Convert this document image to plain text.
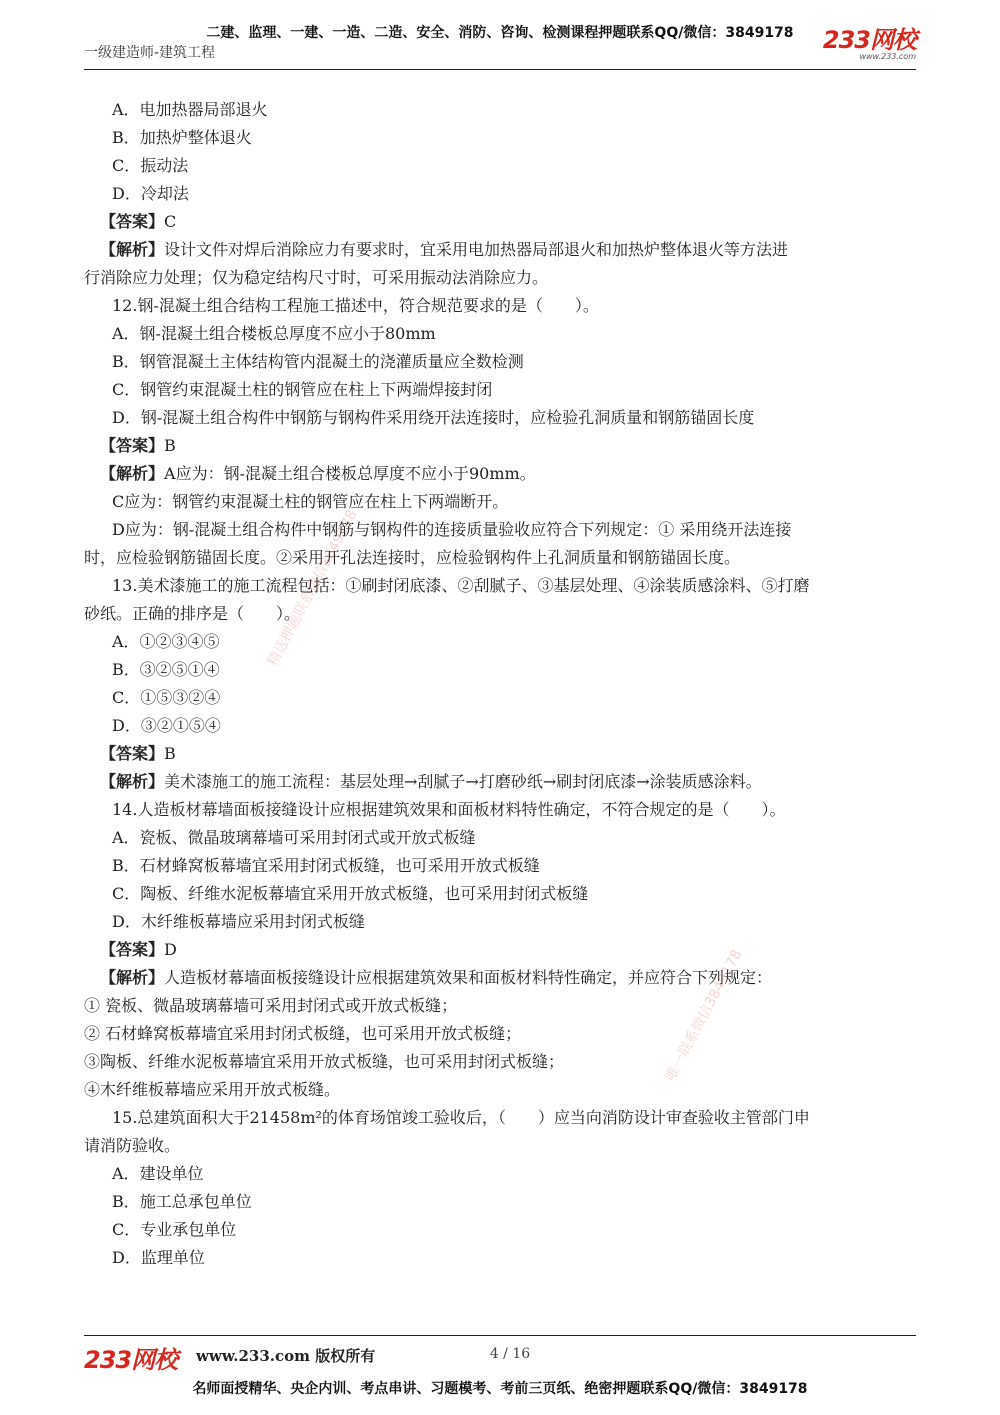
二建、监理、一建、一造、二造、安全、消防、咨询、检测课程押题联系QQ/微信：3849178
一级建造师-建筑工程	233网校
www.233.com
A．电加热器局部退火
B．加热炉整体退火
C．振动法
D．冷却法
【答案】C
【解析】设计文件对焊后消除应力有要求时，宜采用电加热器局部退火和加热炉整体退火等方法进
行消除应力处理；仅为稳定结构尺寸时，可采用振动法消除应力。
12.钢-混凝土组合结构工程施工描述中，符合规范要求的是（　　）。
A．钢-混凝土组合楼板总厚度不应小于80mm
B．钢管混凝土主体结构管内混凝土的浇灌质量应全数检测
C．钢管约束混凝土柱的钢管应在柱上下两端焊接封闭
D．钢-混凝土组合构件中钢筋与钢构件采用绕开法连接时，应检验孔洞质量和钢筋锚固长度
【答案】B
【解析】A应为：钢-混凝土组合楼板总厚度不应小于90mm。
C应为：钢管约束混凝土柱的钢管应在柱上下两端断开。
D应为：钢-混凝土组合构件中钢筋与钢构件的连接质量验收应符合下列规定：① 采用绕开法连接
时，应检验钢筋锚固长度。②采用开孔法连接时，应检验钢构件上孔洞质量和钢筋锚固长度。
13.美术漆施工的施工流程包括：①刷封闭底漆、②刮腻子、③基层处理、④涂装质感涂料、⑤打磨
砂纸。正确的排序是（　　）。
A．①②③④⑤
B．③②⑤①④
C．①⑤③②④
D．③②①⑤④
【答案】B
【解析】美术漆施工的施工流程：基层处理→刮腻子→打磨砂纸→刷封闭底漆→涂装质感涂料。
14.人造板材幕墙面板接缝设计应根据建筑效果和面板材料特性确定，不符合规定的是（　　）。
A．瓷板、微晶玻璃幕墙可采用封闭式或开放式板缝
B．石材蜂窝板幕墙宜采用封闭式板缝，也可采用开放式板缝
C．陶板、纤维水泥板幕墙宜采用开放式板缝，也可采用封闭式板缝
D．木纤维板幕墙应采用封闭式板缝
【答案】D
【解析】人造板材幕墙面板接缝设计应根据建筑效果和面板材料特性确定，并应符合下列规定：
① 瓷板、微晶玻璃幕墙可采用封闭式或开放式板缝；
② 石材蜂窝板幕墙宜采用封闭式板缝，也可采用开放式板缝；
③陶板、纤维水泥板幕墙宜采用开放式板缝，也可采用封闭式板缝；
④木纤维板幕墙应采用开放式板缝。
15.总建筑面积大于21458m²的体育场馆竣工验收后，（　　）应当向消防设计审查验收主管部门申
请消防验收。
A．建设单位
B．施工总承包单位
C．专业承包单位
D．监理单位
精选押题联系微信3849178
唯一联系微信3849178
233网校 www.233.com 版权所有	4 / 16
名师面授精华、央企内训、考点串讲、习题模考、考前三页纸、绝密押题联系QQ/微信：3849178
